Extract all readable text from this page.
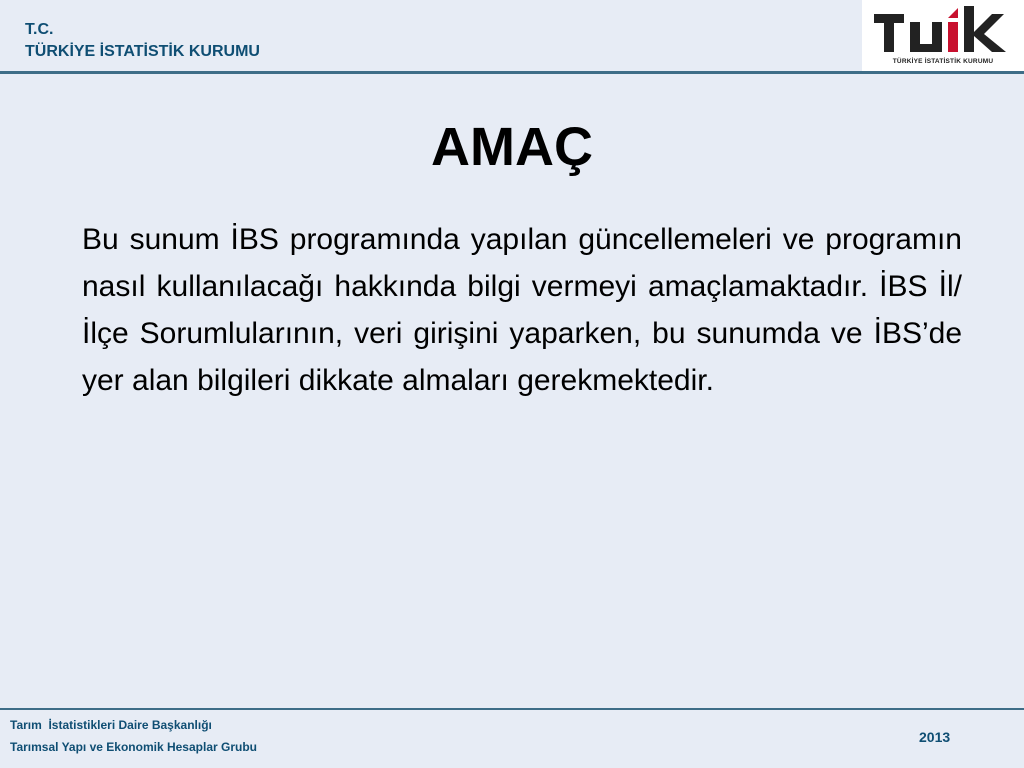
T.C.
TÜRKİYE İSTATİSTİK KURUMU
TÜRKİYE İSTATİSTİK KURUMU
AMAÇ
Bu sunum İBS programında yapılan güncellemeleri ve programın nasıl kullanılacağı hakkında bilgi vermeyi amaçlamaktadır. İBS İl/İlçe Sorumlularının, veri girişini yaparken, bu sunumda ve İBS’de yer alan bilgileri dikkate almaları gerekmektedir.
Tarım  İstatistikleri Daire Başkanlığı
Tarımsal Yapı ve Ekonomik Hesaplar Grubu
2013
